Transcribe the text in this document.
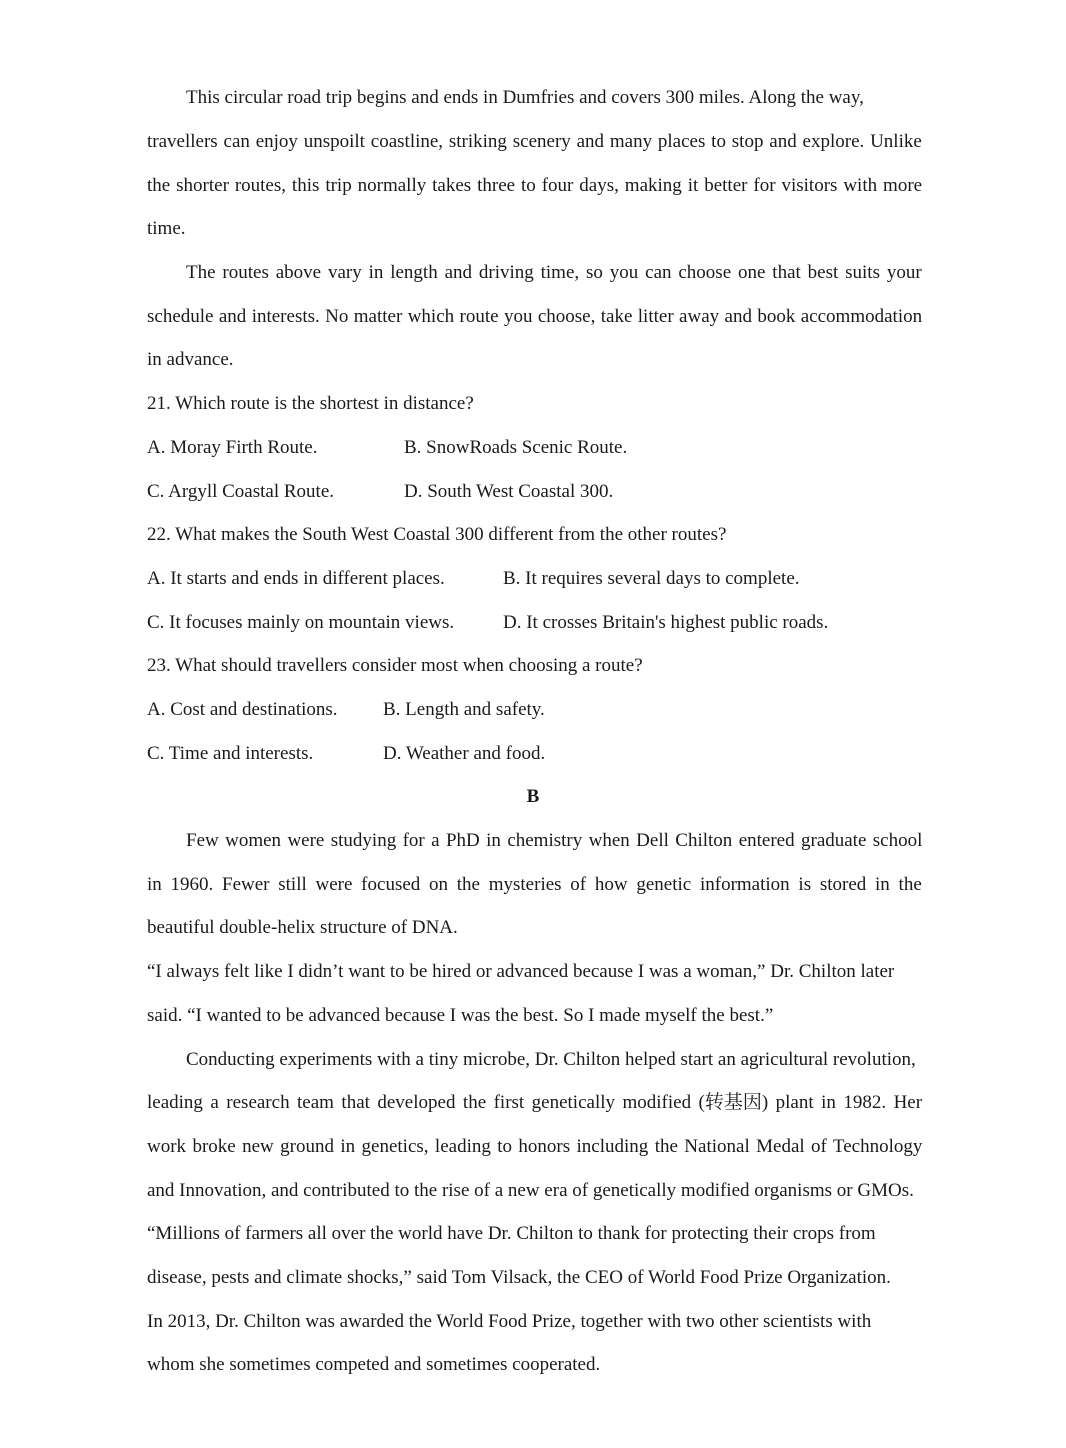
This circular road trip begins and ends in Dumfries and covers 300 miles. Along the way,
travellers can enjoy unspoilt coastline, striking scenery and many places to stop and explore. Unlike
the shorter routes, this trip normally takes three to four days, making it better for visitors with more
time.
The routes above vary in length and driving time, so you can choose one that best suits your
schedule and interests. No matter which route you choose, take litter away and book accommodation
in advance.
21. Which route is the shortest in distance?
A. Moray Firth Route.	B. SnowRoads Scenic Route.
C. Argyll Coastal Route.	D. South West Coastal 300.
22. What makes the South West Coastal 300 different from the other routes?
A. It starts and ends in different places.	B. It requires several days to complete.
C. It focuses mainly on mountain views.	D. It crosses Britain's highest public roads.
23. What should travellers consider most when choosing a route?
A. Cost and destinations. B. Length and safety.
C. Time and interests.	D. Weather and food.
B
Few women were studying for a PhD in chemistry when Dell Chilton entered graduate school
in 1960. Fewer still were focused on the mysteries of how genetic information is stored in the
beautiful double-helix structure of DNA.
“I always felt like I didn’t want to be hired or advanced because I was a woman,” Dr. Chilton later
said. “I wanted to be advanced because I was the best. So I made myself the best.”
Conducting experiments with a tiny microbe, Dr. Chilton helped start an agricultural revolution,
leading a research team that developed the first genetically modified (转基因) plant in 1982. Her
work broke new ground in genetics, leading to honors including the National Medal of Technology
and Innovation, and contributed to the rise of a new era of genetically modified organisms or GMOs.
“Millions of farmers all over the world have Dr. Chilton to thank for protecting their crops from
disease, pests and climate shocks,” said Tom Vilsack, the CEO of World Food Prize Organization.
In 2013, Dr. Chilton was awarded the World Food Prize, together with two other scientists with
whom she sometimes competed and sometimes cooperated.
